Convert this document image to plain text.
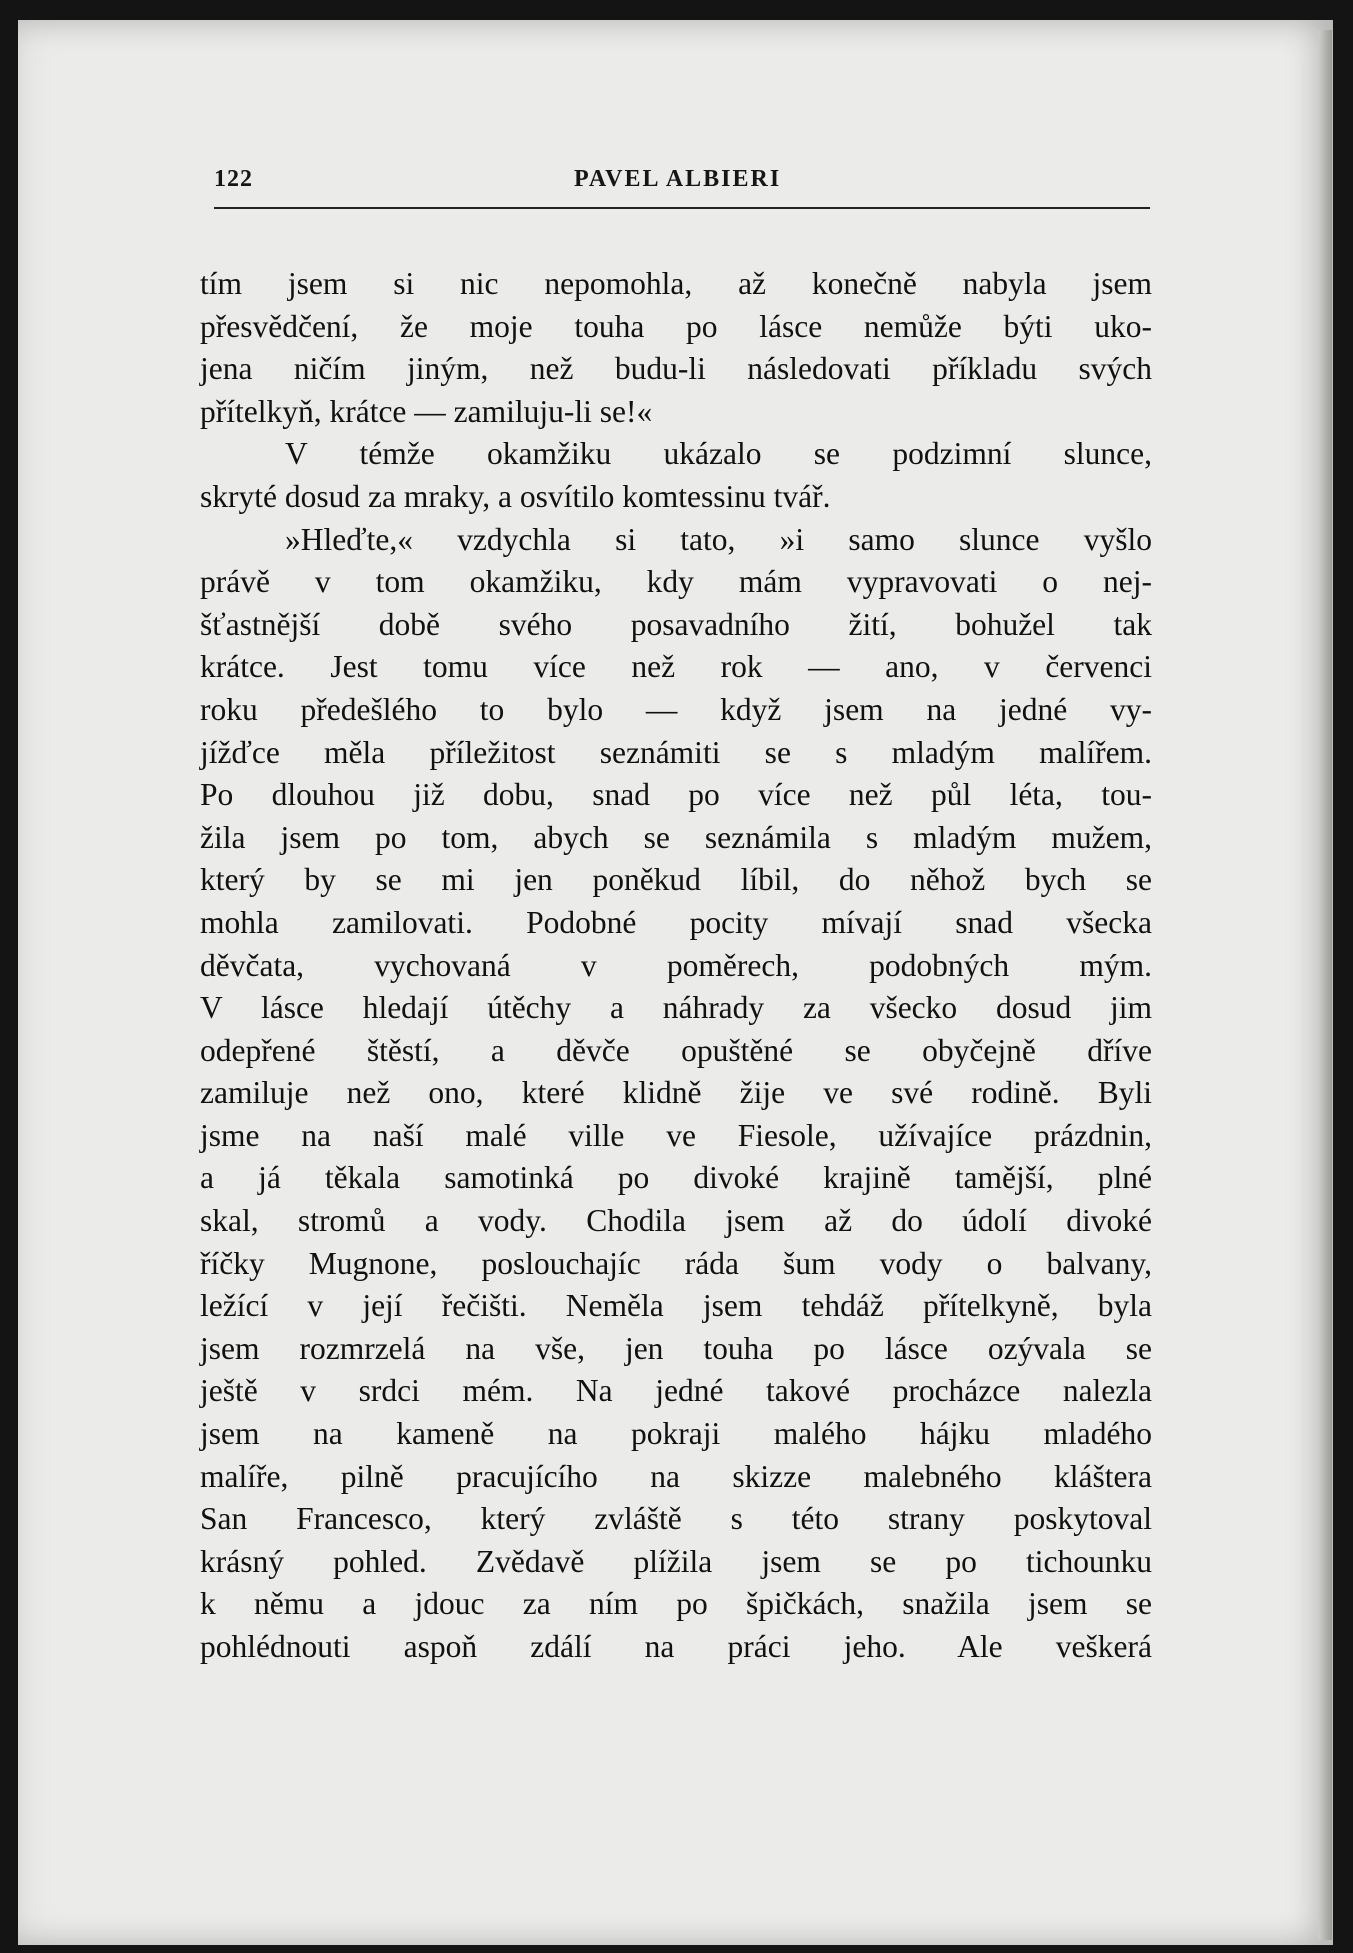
122	PAVEL ALBIERI
tím jsem si nic nepomohla, až konečně nabyla jsem
přesvědčení, že moje touha po lásce nemůže býti uko-
jena ničím jiným, než budu-li následovati příkladu svých
přítelkyň, krátce — zamiluju-li se!«
V témže okamžiku ukázalo se podzimní slunce,
skryté dosud za mraky, a osvítilo komtessinu tvář.
»Hleďte,« vzdychla si tato, »i samo slunce vyšlo
právě v tom okamžiku, kdy mám vypravovati o nej-
šťastnější době svého posavadního žití, bohužel tak
krátce. Jest tomu více než rok — ano, v červenci
roku předešlého to bylo — když jsem na jedné vy-
jížďce měla příležitost seznámiti se s mladým malířem.
Po dlouhou již dobu, snad po více než půl léta, tou-
žila jsem po tom, abych se seznámila s mladým mužem,
který by se mi jen poněkud líbil, do něhož bych se
mohla zamilovati. Podobné pocity mívají snad všecka
děvčata, vychovaná v poměrech, podobných mým.
V lásce hledají útěchy a náhrady za všecko dosud jim
odepřené štěstí, a děvče opuštěné se obyčejně dříve
zamiluje než ono, které klidně žije ve své rodině. Byli
jsme na naší malé ville ve Fiesole, užívajíce prázdnin,
a já těkala samotinká po divoké krajině tamější, plné
skal, stromů a vody. Chodila jsem až do údolí divoké
říčky Mugnone, poslouchajíc ráda šum vody o balvany,
ležící v její řečišti. Neměla jsem tehdáž přítelkyně, byla
jsem rozmrzelá na vše, jen touha po lásce ozývala se
ještě v srdci mém. Na jedné takové procházce nalezla
jsem na kameně na pokraji malého hájku mladého
malíře, pilně pracujícího na skizze malebného kláštera
San Francesco, který zvláště s této strany poskytoval
krásný pohled. Zvědavě plížila jsem se po tichounku
k němu a jdouc za ním po špičkách, snažila jsem se
pohlédnouti aspoň zdálí na práci jeho. Ale veškerá
